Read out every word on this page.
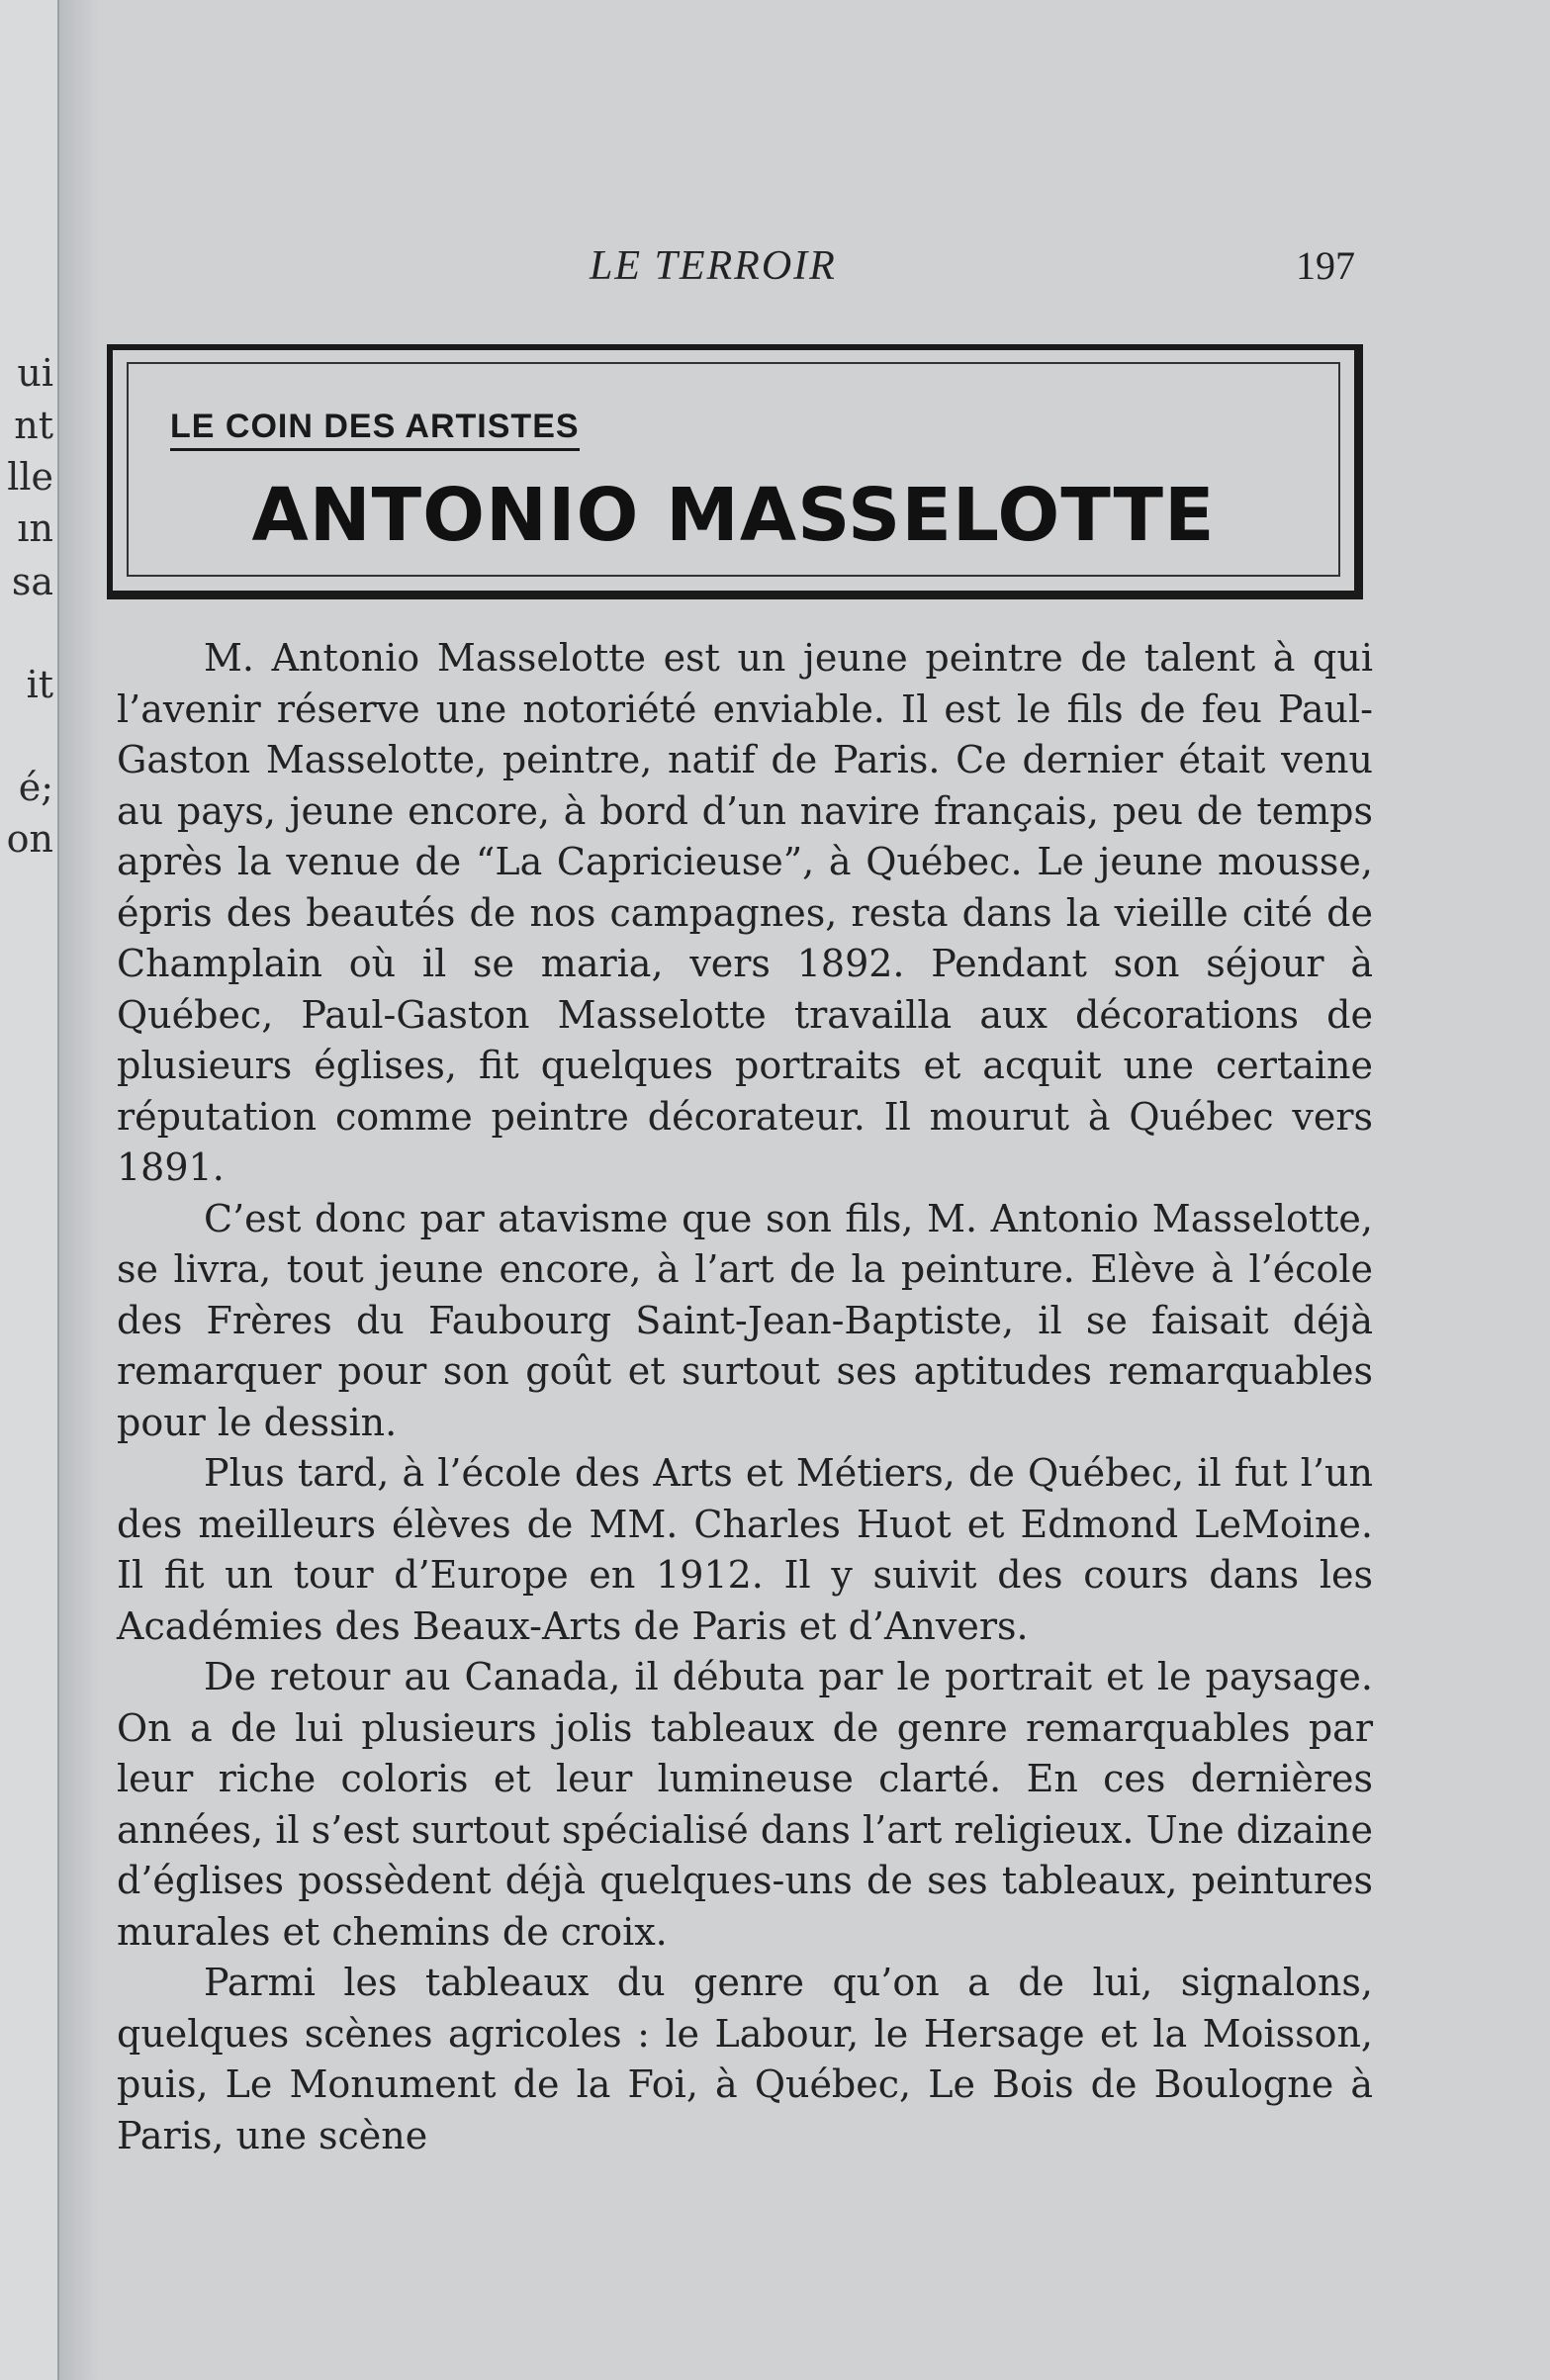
ui
nt
lle
ın
sa
it
é;
on
LE TERROIR	197
LE COIN DES ARTISTES
ANTONIO MASSELOTTE

M. Antonio Masselotte est un jeune peintre de talent à qui l’avenir réserve une notoriété enviable. Il est le fils de feu Paul-Gaston Masselotte, peintre, natif de Paris. Ce dernier était venu au pays, jeune encore, à bord d’un navire français, peu de temps après la venue de “La Capricieuse”, à Québec. Le jeune mousse, épris des beautés de nos campagnes, resta dans la vieille cité de Champlain où il se maria, vers 1892. Pendant son séjour à Québec, Paul-Gaston Masselotte travailla aux décorations de plusieurs églises, fit quelques portraits et acquit une certaine réputation comme peintre décorateur. Il mourut à Québec vers 1891.

C’est donc par atavisme que son fils, M. Antonio Masselotte, se livra, tout jeune encore, à l’art de la peinture. Elève à l’école des Frères du Faubourg Saint-Jean-Baptiste, il se faisait déjà remarquer pour son goût et surtout ses aptitudes remarquables pour le dessin.

Plus tard, à l’école des Arts et Métiers, de Québec, il fut l’un des meilleurs élèves de MM. Charles Huot et Edmond LeMoine. Il fit un tour d’Europe en 1912. Il y suivit des cours dans les Académies des Beaux-Arts de Paris et d’Anvers.

De retour au Canada, il débuta par le portrait et le paysage. On a de lui plusieurs jolis tableaux de genre remarquables par leur riche coloris et leur lumineuse clarté. En ces dernières années, il s’est surtout spécialisé dans l’art religieux. Une dizaine d’églises possèdent déjà quelques-uns de ses tableaux, peintures murales et chemins de croix.

Parmi les tableaux du genre qu’on a de lui, signalons, quelques scènes agricoles : le Labour, le Hersage et la Moisson, puis, Le Monument de la Foi, à Québec, Le Bois de Boulogne à Paris, une scène
